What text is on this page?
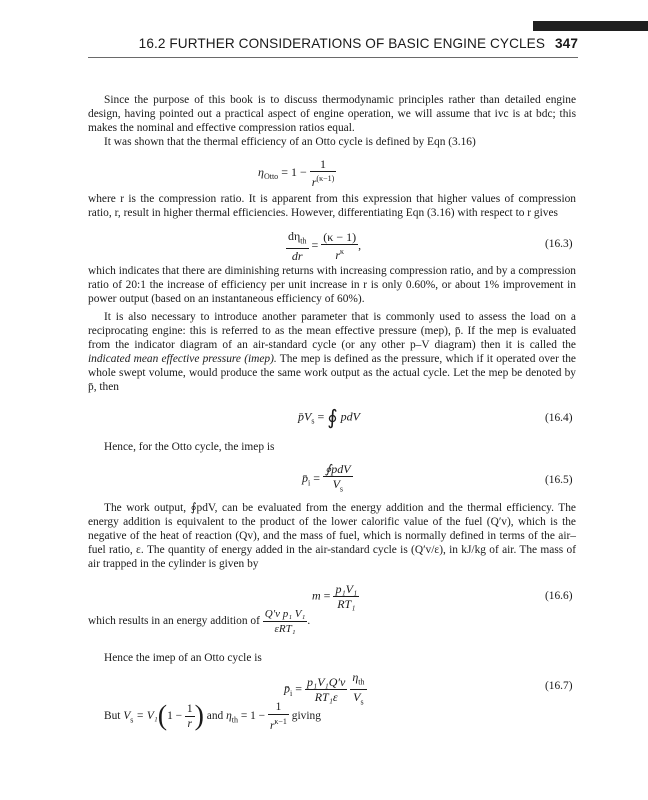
16.2 FURTHER CONSIDERATIONS OF BASIC ENGINE CYCLES 347

Since the purpose of this book is to discuss thermodynamic principles rather than detailed engine design, having pointed out a practical aspect of engine operation, we will assume that ivc is at bdc; this makes the nominal and effective compression ratios equal.

It was shown that the thermal efficiency of an Otto cycle is defined by Eqn (3.16)

$\eta_{Otto} = 1 - \frac{1}{r^{(\kappa-1)}}$

where r is the compression ratio. It is apparent from this expression that higher values of compression ratio, r, result in higher thermal efficiencies. However, differentiating Eqn (3.16) with respect to r gives

$\frac{d\eta_{th}}{dr} = \frac{(\kappa - 1)}{r^\kappa}$ ,	(16.3)

which indicates that there are diminishing returns with increasing compression ratio, and by a compression ratio of 20:1 the increase of efficiency per unit increase in r is only 0.60%, or about 1% improvement in power output (based on an instantaneous efficiency of 60%).

It is also necessary to introduce another parameter that is commonly used to assess the load on a reciprocating engine: this is referred to as the mean effective pressure (mep), p̄. If the mep is evaluated from the indicator diagram of an air-standard cycle (or any other p–V diagram) then it is called the indicated mean effective pressure (imep). The mep is defined as the pressure, which if it operated over the whole swept volume, would produce the same work output as the actual cycle. Let the mep be denoted by p̄, then

$p̄V_s$ = ∮ pdV	(16.4)

Hence, for the Otto cycle, the imep is

$p̄_i = \frac{\text{∮pdV}}{V_s}$	(16.5)

The work output, ∮pdV, can be evaluated from the energy addition and the thermal efficiency. The energy addition is equivalent to the product of the lower calorific value of the fuel (Q′v), which is the negative of the heat of reaction (Qv), and the mass of fuel, which is normally defined in terms of the air–fuel ratio, ε. The quantity of energy added in the air-standard cycle is (Q′v/ε), in kJ/kg of air. The mass of air trapped in the cylinder is given by

$m = \frac{\text{p₁V₁}}{\text{RT₁}}$	(16.6)
which results in an energy addition of $\frac{\text{Q′v p₁ V₁}}{\text{εRT₁}}$ .

Hence the imep of an Otto cycle is

$p̄_i = \frac{\text{p₁V₁Q′v}}{\text{RT₁ε}}$
$\frac{\eta_{th}}{V_s}$	(16.7)
But $V_s = V_1(1 - \frac{1}{r}$ ) and $\eta_{th} = 1 - \frac{1}{r^{\kappa-1}}$ giving
